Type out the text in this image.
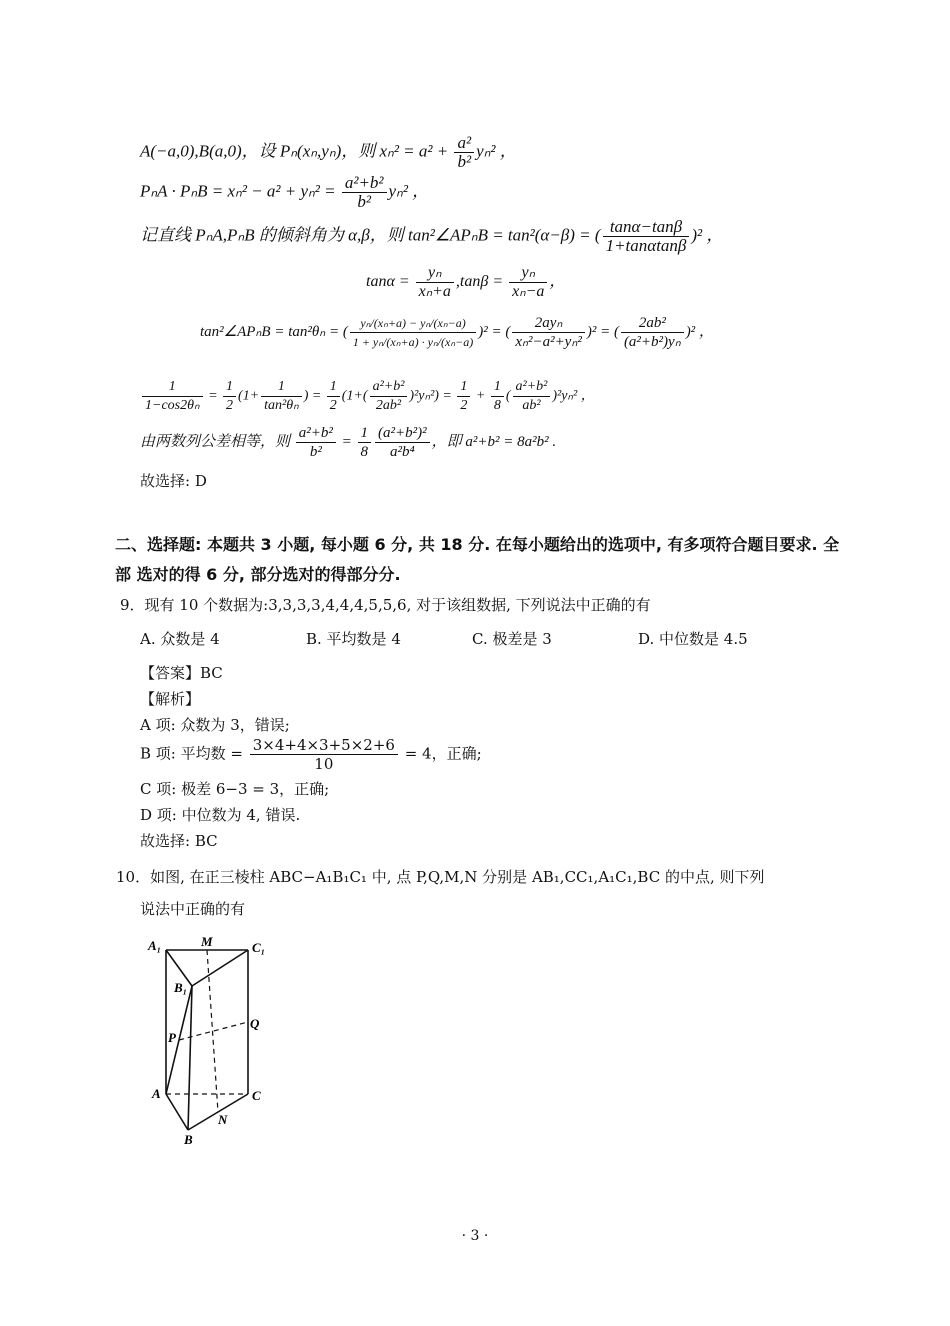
A(−a,0),B(a,0)，设 Pₙ(xₙ,yₙ)，则 $x_n^2 = a^2 + \frac{\text{a²}}{\text{b²}} y_n^2$ ，
$P_nA \cdot P_nB = x_n^2 - a^2 + y_n^2 = \frac{\text{a²+b²}}{\text{b²}} y_n^2$ ，
记直线 PₙA,PₙB 的倾斜角为 α,β，则 tan²∠APₙB = tan²(α−β) = ( $\frac{\tan\alpha-\tan\beta}{1+\tan\alpha\tan\beta} )^2$ ，
$\tan\alpha = \frac{\text{yₙ}}{\text{xₙ+a}} ,\tan\beta = \frac{\text{yₙ}}{\text{xₙ−a}}$ ，
tan²∠APₙB = tan²θₙ = ( $\frac{\text{yₙ/(xₙ+a) − yₙ/(xₙ−a)}}{\text{1 + yₙ/(xₙ+a) · yₙ/(xₙ−a)}} )^2$ = ( $\frac{\text{2ayₙ}}{\text{xₙ²−a²+yₙ²}} )^2$ = ( $\frac{\text{2ab²}}{\text{(a²+b²)yₙ}} )^2$ ，
$\frac{1}{\text{1−cos2θₙ}} = \frac{1}{2} (1+ \frac{1}{\text{tan²θₙ}}$ ) = $\frac{1}{2} (1+( \frac{\text{a²+b²}}{\text{2ab²}} )^2y_n^2) = \frac{1}{2} + \frac{1}{8}$ ( $\frac{\text{a²+b²}}{\text{ab²}} )^2y_n^2$ ，
由两数列公差相等，则 $\frac{\text{a²+b²}}{\text{b²}} = \frac{1}{8} \frac{\text{(a²+b²)²}}{\text{a²b⁴}}$ ，即 a²+b² = 8a²b² .
故选择: D
二、选择题: 本题共 3 小题, 每小题 6 分, 共 18 分. 在每小题给出的选项中, 有多项符合题目要求. 全部 选对的得 6 分, 部分选对的得部分分.
9．现有 10 个数据为:3,3,3,3,4,4,4,5,5,6, 对于该组数据, 下列说法中正确的有
A. 众数是 4	B. 平均数是 4	C. 极差是 3	D. 中位数是 4.5
【答案】BC
【解析】
A 项: 众数为 3，错误;
B 项: 平均数 = $\frac{3\times 4+4\times 3+5\times 2+6}{10} = 4$，正确;
C 项: 极差 6−3 = 3，正确;
D 项: 中位数为 4, 错误.
故选择: BC
10．如图, 在正三棱柱 ABC−A₁B₁C₁ 中, 点 P,Q,M,N 分别是 AB₁,CC₁,A₁C₁,BC 的中点, 则下列
说法中正确的有
A₁	M	C₁
B₁
P
Q
A	C
N
B
· 3 ·
